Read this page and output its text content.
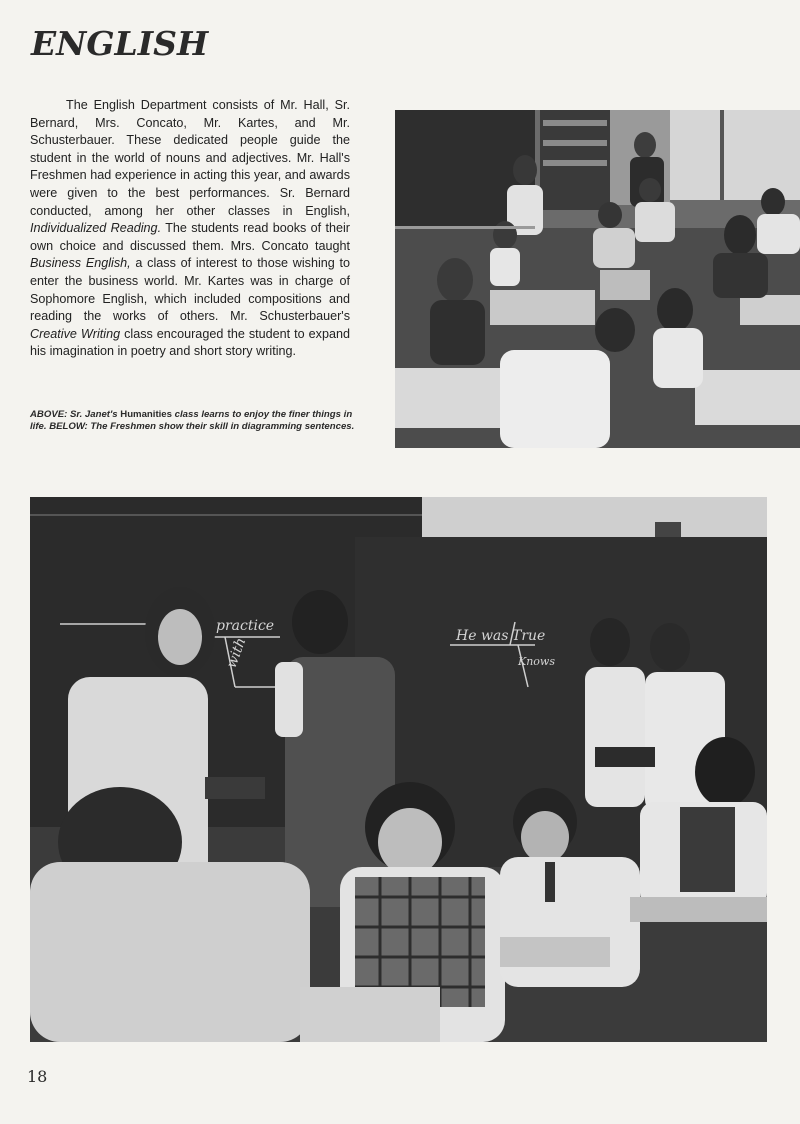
ENGLISH

The English Department consists of Mr. Hall, Sr. Bernard, Mrs. Concato, Mr. Kartes, and Mr. Schusterbauer. These dedicated people guide the student in the world of nouns and adjectives. Mr. Hall's Freshmen had experience in acting this year, and awards were given to the best performances. Sr. Bernard conducted, among her other classes in English, Individualized Reading. The students read books of their own choice and discussed them. Mrs. Concato taught Business English, a class of interest to those wishing to enter the business world. Mr. Kartes was in charge of Sophomore English, which included compositions and reading the works of others. Mr. Schusterbauer's Creative Writing class encouraged the student to expand his imagination in poetry and short story writing.

ABOVE: Sr. Janet's Humanities class learns to enjoy the finer things in life. BELOW: The Freshmen show their skill in diagramming sentences.

practice
with	He was True
Knows
18
